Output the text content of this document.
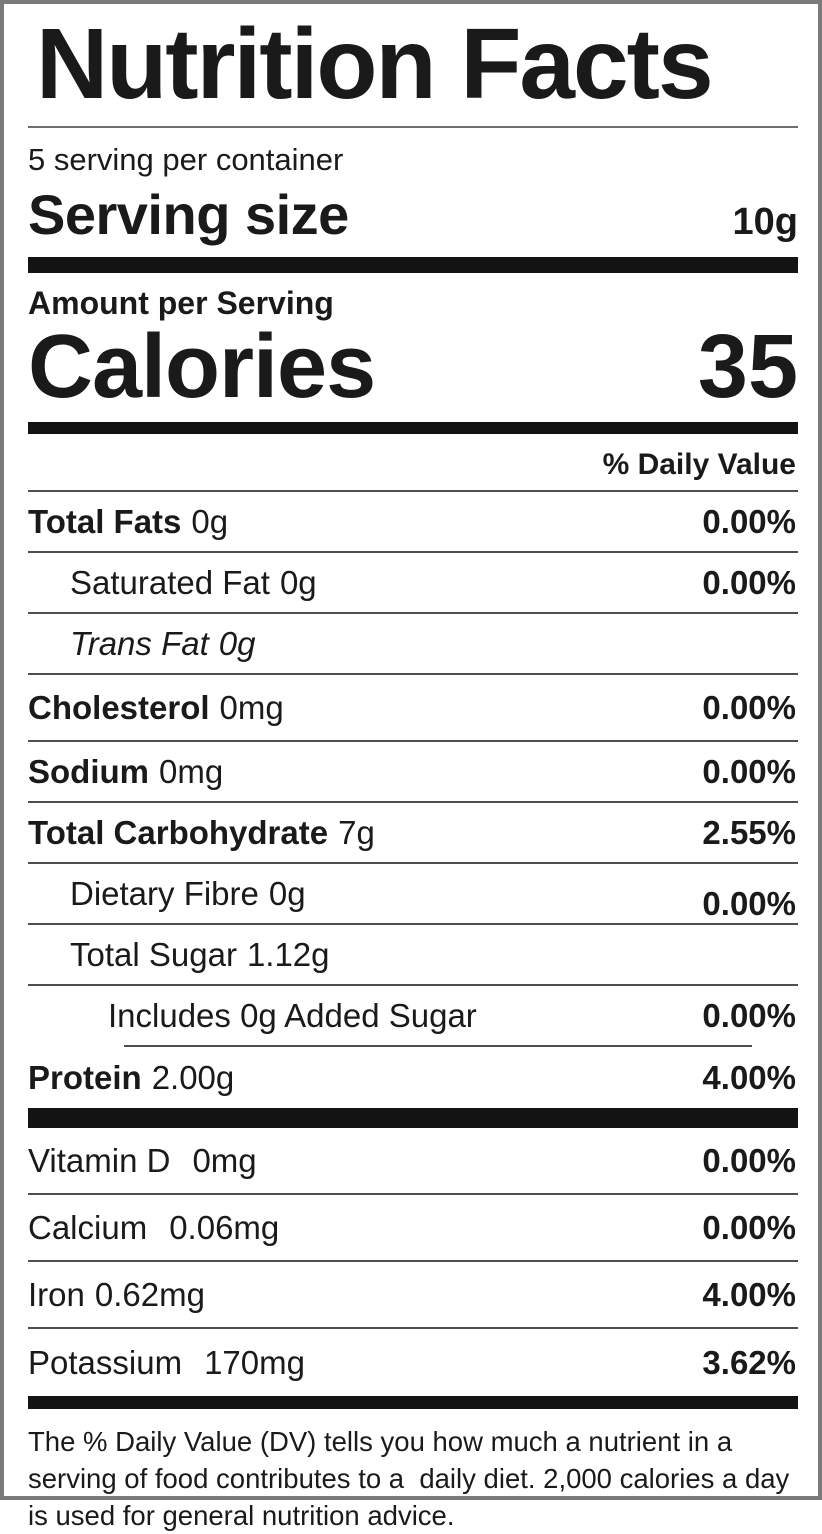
Nutrition Facts
5 serving per container
Serving size	10g
Amount per Serving
Calories	35
% Daily Value
Total Fats 0g	0.00%
Saturated Fat 0g	0.00%
Trans Fat 0g
Cholesterol 0mg	0.00%
Sodium 0mg	0.00%
Total Carbohydrate 7g	2.55%
Dietary Fibre 0g	0.00%
Total Sugar 1.12g
Includes 0g Added Sugar	0.00%
Protein 2.00g	4.00%
Vitamin D 0mg	0.00%
Calcium 0.06mg	0.00%
Iron 0.62mg	4.00%
Potassium 170mg	3.62%
The % Daily Value (DV) tells you how much a nutrient in a
serving of food contributes to a  daily diet. 2,000 calories a day
is used for general nutrition advice.
